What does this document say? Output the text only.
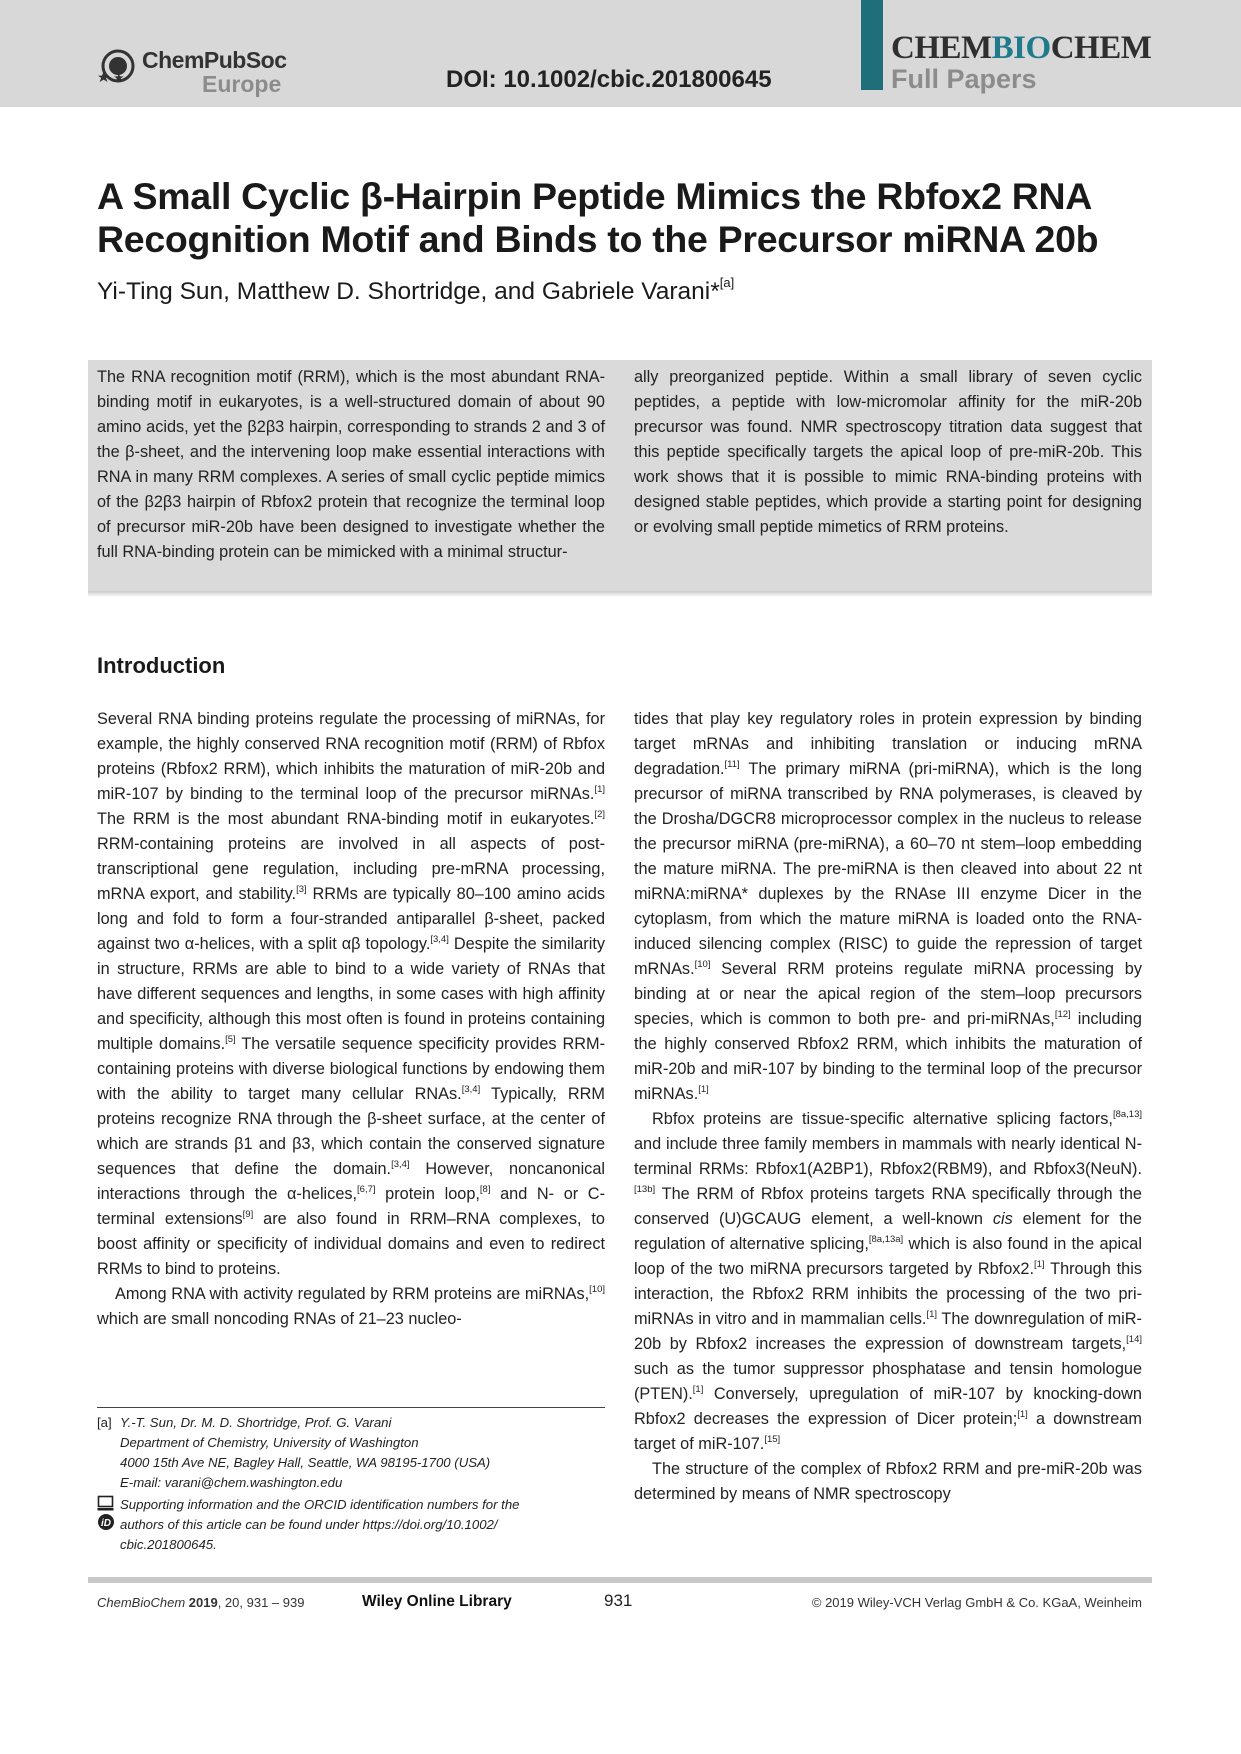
ChemPubSoc
Europe	DOI: 10.1002/cbic.201800645
CHEMBIOCHEM
Full Papers
A Small Cyclic β-Hairpin Peptide Mimics the Rbfox2 RNA
Recognition Motif and Binds to the Precursor miRNA 20b
Yi-Ting Sun, Matthew D. Shortridge, and Gabriele Varani*[a]

The RNA recognition motif (RRM), which is the most abundant RNA-binding motif in eukaryotes, is a well-structured domain of about 90 amino acids, yet the β2β3 hairpin, corresponding to strands 2 and 3 of the β-sheet, and the intervening loop make essential interactions with RNA in many RRM complexes. A series of small cyclic peptide mimics of the β2β3 hairpin of Rbfox2 protein that recognize the terminal loop of precursor miR-20b have been designed to investigate whether the full RNA-binding protein can be mimicked with a minimal structur-

ally preorganized peptide. Within a small library of seven cyclic peptides, a peptide with low-micromolar affinity for the miR-20b precursor was found. NMR spectroscopy titration data suggest that this peptide specifically targets the apical loop of pre-miR-20b. This work shows that it is possible to mimic RNA-binding proteins with designed stable peptides, which provide a starting point for designing or evolving small peptide mimetics of RRM proteins.

Introduction

Several RNA binding proteins regulate the processing of miRNAs, for example, the highly conserved RNA recognition motif (RRM) of Rbfox proteins (Rbfox2 RRM), which inhibits the maturation of miR-20b and miR-107 by binding to the terminal loop of the precursor miRNAs.[1] The RRM is the most abundant RNA-binding motif in eukaryotes.[2] RRM-containing proteins are involved in all aspects of post-transcriptional gene regulation, including pre-mRNA processing, mRNA export, and stability.[3] RRMs are typically 80–100 amino acids long and fold to form a four-stranded antiparallel β-sheet, packed against two α-helices, with a split αβ topology.[3,4] Despite the similarity in structure, RRMs are able to bind to a wide variety of RNAs that have different sequences and lengths, in some cases with high affinity and specificity, although this most often is found in proteins containing multiple domains.[5] The versatile sequence specificity provides RRM-containing proteins with diverse biological functions by endowing them with the ability to target many cellular RNAs.[3,4] Typically, RRM proteins recognize RNA through the β-sheet surface, at the center of which are strands β1 and β3, which contain the conserved signature sequences that define the domain.[3,4] However, noncanonical interactions through the α-helices,[6,7] protein loop,[8] and N- or C- terminal extensions[9] are also found in RRM–RNA complexes, to boost affinity or specificity of individual domains and even to redirect RRMs to bind to proteins.

Among RNA with activity regulated by RRM proteins are miRNAs,[10] which are small noncoding RNAs of 21–23 nucleo-

tides that play key regulatory roles in protein expression by binding target mRNAs and inhibiting translation or inducing mRNA degradation.[11] The primary miRNA (pri-miRNA), which is the long precursor of miRNA transcribed by RNA polymerases, is cleaved by the Drosha/DGCR8 microprocessor complex in the nucleus to release the precursor miRNA (pre-miRNA), a 60–70 nt stem–loop embedding the mature miRNA. The pre-miRNA is then cleaved into about 22 nt miRNA:miRNA* duplexes by the RNAse III enzyme Dicer in the cytoplasm, from which the mature miRNA is loaded onto the RNA-induced silencing complex (RISC) to guide the repression of target mRNAs.[10] Several RRM proteins regulate miRNA processing by binding at or near the apical region of the stem–loop precursors species, which is common to both pre- and pri-miRNAs,[12] including the highly conserved Rbfox2 RRM, which inhibits the maturation of miR-20b and miR-107 by binding to the terminal loop of the precursor miRNAs.[1]

Rbfox proteins are tissue-specific alternative splicing factors,[8a,13] and include three family members in mammals with nearly identical N-terminal RRMs: Rbfox1(A2BP1), Rbfox2(RBM9), and Rbfox3(NeuN).[13b] The RRM of Rbfox proteins targets RNA specifically through the conserved (U)GCAUG element, a well-known cis element for the regulation of alternative splicing,[8a,13a] which is also found in the apical loop of the two miRNA precursors targeted by Rbfox2.[1] Through this interaction, the Rbfox2 RRM inhibits the processing of the two pri-miRNAs in vitro and in mammalian cells.[1] The downregulation of miR-20b by Rbfox2 increases the expression of downstream targets,[14] such as the tumor suppressor phosphatase and tensin homologue (PTEN).[1] Conversely, upregulation of miR-107 by knocking-down Rbfox2 decreases the expression of Dicer protein;[1] a downstream target of miR-107.[15]

The structure of the complex of Rbfox2 RRM and pre-miR-20b was determined by means of NMR spectroscopy

[a] Y.-T. Sun, Dr. M. D. Shortridge, Prof. G. Varani
Department of Chemistry, University of Washington
4000 15th Ave NE, Bagley Hall, Seattle, WA 98195-1700 (USA)
E-mail: varani@chem.washington.edu
iD
Supporting information and the ORCID identification numbers for the
authors of this article can be found under https://doi.org/10.1002/
cbic.201800645.
ChemBioChem 2019, 20, 931 – 939	Wiley Online Library	931	© 2019 Wiley-VCH Verlag GmbH & Co. KGaA, Weinheim
